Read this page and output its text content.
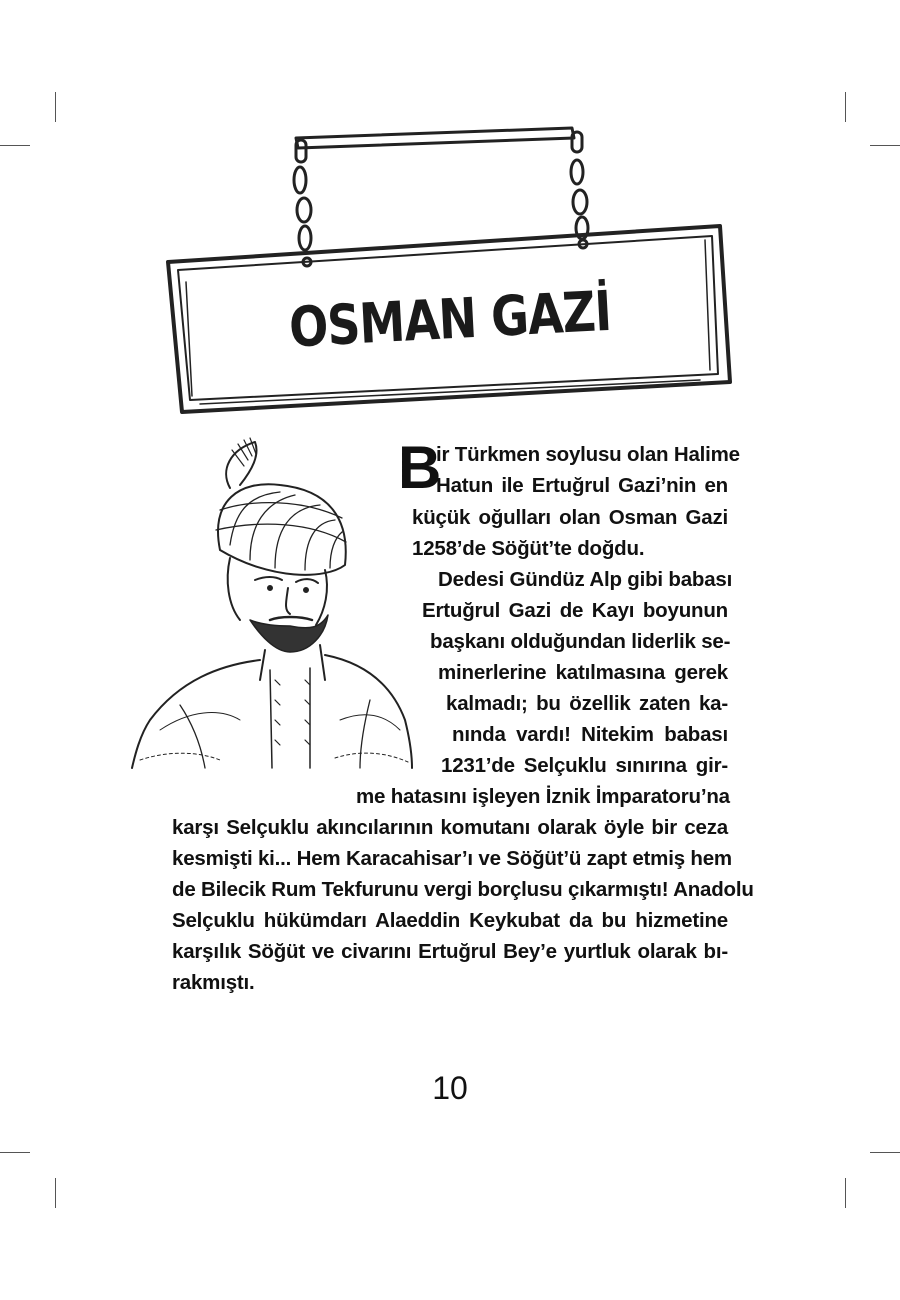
OSMAN GAZİ
B
ir Türkmen soylusu olan Halime
Hatun ile Ertuğrul Gazi’nin en
küçük oğulları olan Osman Gazi
1258’de Söğüt’te doğdu.
Dedesi Gündüz Alp gibi babası
Ertuğrul Gazi de Kayı boyunun
başkanı olduğundan liderlik se-
minerlerine katılmasına gerek
kalmadı; bu özellik zaten ka-
nında vardı! Nitekim babası
1231’de Selçuklu sınırına gir-
me hatasını işleyen İznik İmparatoru’na
karşı Selçuklu akıncılarının komutanı olarak öyle bir ceza
kesmişti ki... Hem Karacahisar’ı ve Söğüt’ü zapt etmiş hem
de Bilecik Rum Tekfurunu vergi borçlusu çıkarmıştı! Anadolu
Selçuklu hükümdarı Alaeddin Keykubat da bu hizmetine
karşılık Söğüt ve civarını Ertuğrul Bey’e yurtluk olarak bı-
rakmıştı.
10
